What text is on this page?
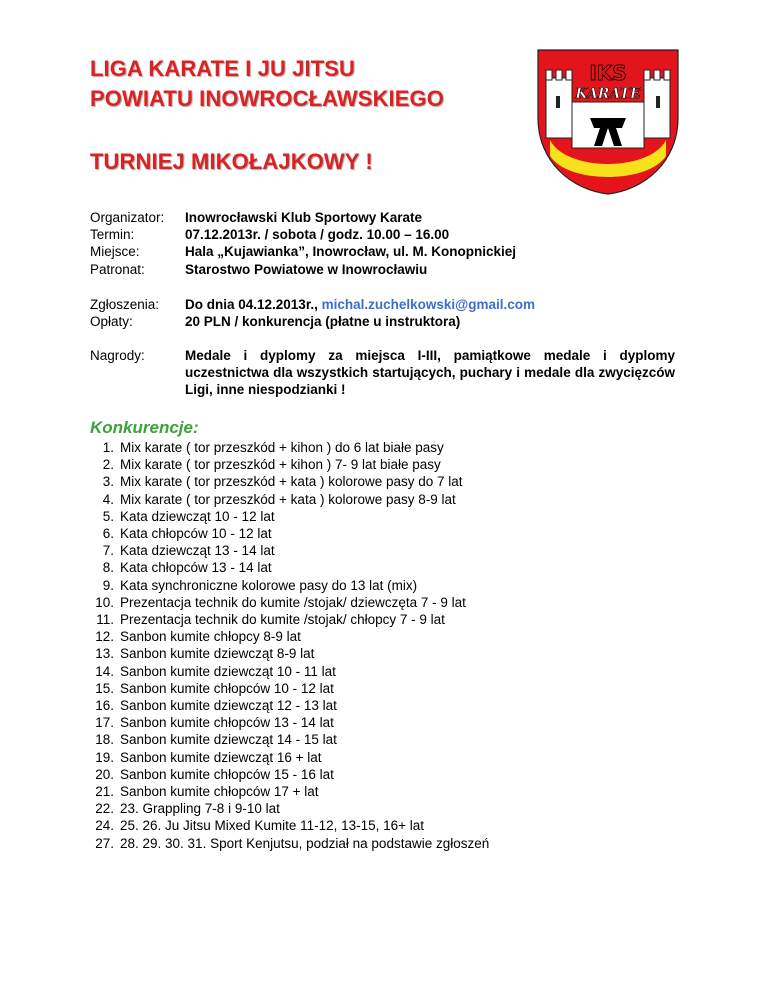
LIGA KARATE I JU JITSU
POWIATU INOWROCŁAWSKIEGO
TURNIEJ MIKOŁAJKOWY !
IKS
KARATE
Organizator:	Inowrocławski Klub Sportowy Karate
Termin:	07.12.2013r. / sobota / godz. 10.00 – 16.00
Miejsce:	Hala „Kujawianka”, Inowrocław, ul. M. Konopnickiej
Patronat:	Starostwo Powiatowe w Inowrocławiu
Zgłoszenia:	Do dnia 04.12.2013r., michal.zuchelkowski@gmail.com
Opłaty:	20 PLN / konkurencja (płatne u instruktora)
Nagrody:	Medale i dyplomy za miejsca I-III, pamiątkowe medale i dyplomy uczestnictwa dla wszystkich startujących, puchary i medale dla zwycięzców Ligi, inne niespodzianki !
Konkurencje:
1. Mix karate ( tor przeszkód + kihon ) do 6 lat białe pasy
2. Mix karate ( tor przeszkód + kihon ) 7- 9 lat białe pasy
3. Mix karate ( tor przeszkód + kata ) kolorowe pasy do 7 lat
4. Mix karate ( tor przeszkód + kata ) kolorowe pasy 8-9 lat
5. Kata dziewcząt 10 - 12 lat
6. Kata chłopców 10 - 12 lat
7. Kata dziewcząt 13 - 14 lat
8. Kata chłopców 13 - 14 lat
9. Kata synchroniczne kolorowe pasy do 13 lat (mix)
10. Prezentacja technik do kumite /stojak/ dziewczęta 7 - 9 lat
11. Prezentacja technik do kumite /stojak/ chłopcy 7 - 9 lat
12. Sanbon kumite chłopcy 8-9 lat
13. Sanbon kumite dziewcząt 8-9 lat
14. Sanbon kumite dziewcząt 10 - 11 lat
15. Sanbon kumite chłopców 10 - 12 lat
16. Sanbon kumite dziewcząt 12 - 13 lat
17. Sanbon kumite chłopców 13 - 14 lat
18. Sanbon kumite dziewcząt 14 - 15 lat
19. Sanbon kumite dziewcząt 16 + lat
20. Sanbon kumite chłopców 15 - 16 lat
21. Sanbon kumite chłopców 17 + lat
22. 23. Grappling 7-8 i 9-10 lat
24. 25. 26. Ju Jitsu Mixed Kumite 11-12, 13-15, 16+ lat
27. 28. 29. 30. 31. Sport Kenjutsu, podział na podstawie zgłoszeń
